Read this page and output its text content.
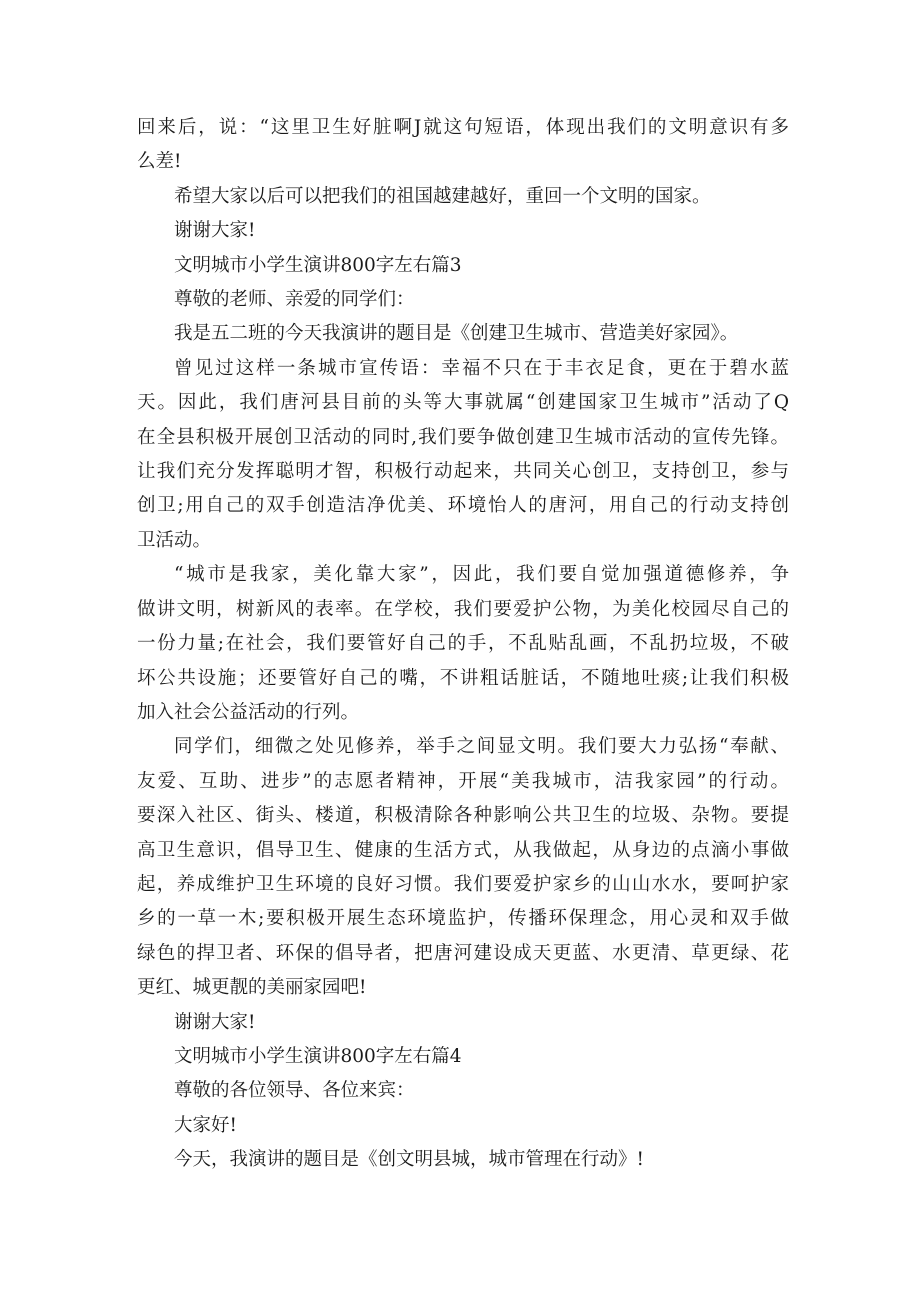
回来后，说：“这里卫生好脏啊J就这句短语，体现出我们的文明意识有多
么差!
希望大家以后可以把我们的祖国越建越好，重回一个文明的国家。
谢谢大家!
文明城市小学生演讲800字左右篇3
尊敬的老师、亲爱的同学们：
我是五二班的今天我演讲的题目是《创建卫生城市、营造美好家园》。
曾见过这样一条城市宣传语：幸福不只在于丰衣足食，更在于碧水蓝
天。因此，我们唐河县目前的头等大事就属“创建国家卫生城市”活动了Q
在全县积极开展创卫活动的同时,我们要争做创建卫生城市活动的宣传先锋。
让我们充分发挥聪明才智，积极行动起来，共同关心创卫，支持创卫，参与
创卫;用自己的双手创造洁净优美、环境怡人的唐河，用自己的行动支持创
卫活动。
“城市是我家，美化靠大家”，因此，我们要自觉加强道德修养，争
做讲文明，树新风的表率。在学校，我们要爱护公物，为美化校园尽自己的
一份力量;在社会，我们要管好自己的手，不乱贴乱画，不乱扔垃圾，不破
坏公共设施；还要管好自己的嘴，不讲粗话脏话，不随地吐痰;让我们积极
加入社会公益活动的行列。
同学们，细微之处见修养，举手之间显文明。我们要大力弘扬“奉献、
友爱、互助、进步”的志愿者精神，开展“美我城市，洁我家园”的行动。
要深入社区、街头、楼道，积极清除各种影响公共卫生的垃圾、杂物。要提
高卫生意识，倡导卫生、健康的生活方式，从我做起，从身边的点滴小事做
起，养成维护卫生环境的良好习惯。我们要爱护家乡的山山水水，要呵护家
乡的一草一木;要积极开展生态环境监护，传播环保理念，用心灵和双手做
绿色的捍卫者、环保的倡导者，把唐河建设成天更蓝、水更清、草更绿、花
更红、城更靓的美丽家园吧!
谢谢大家!
文明城市小学生演讲800字左右篇4
尊敬的各位领导、各位来宾：
大家好!
今天，我演讲的题目是《创文明县城，城市管理在行动》!
